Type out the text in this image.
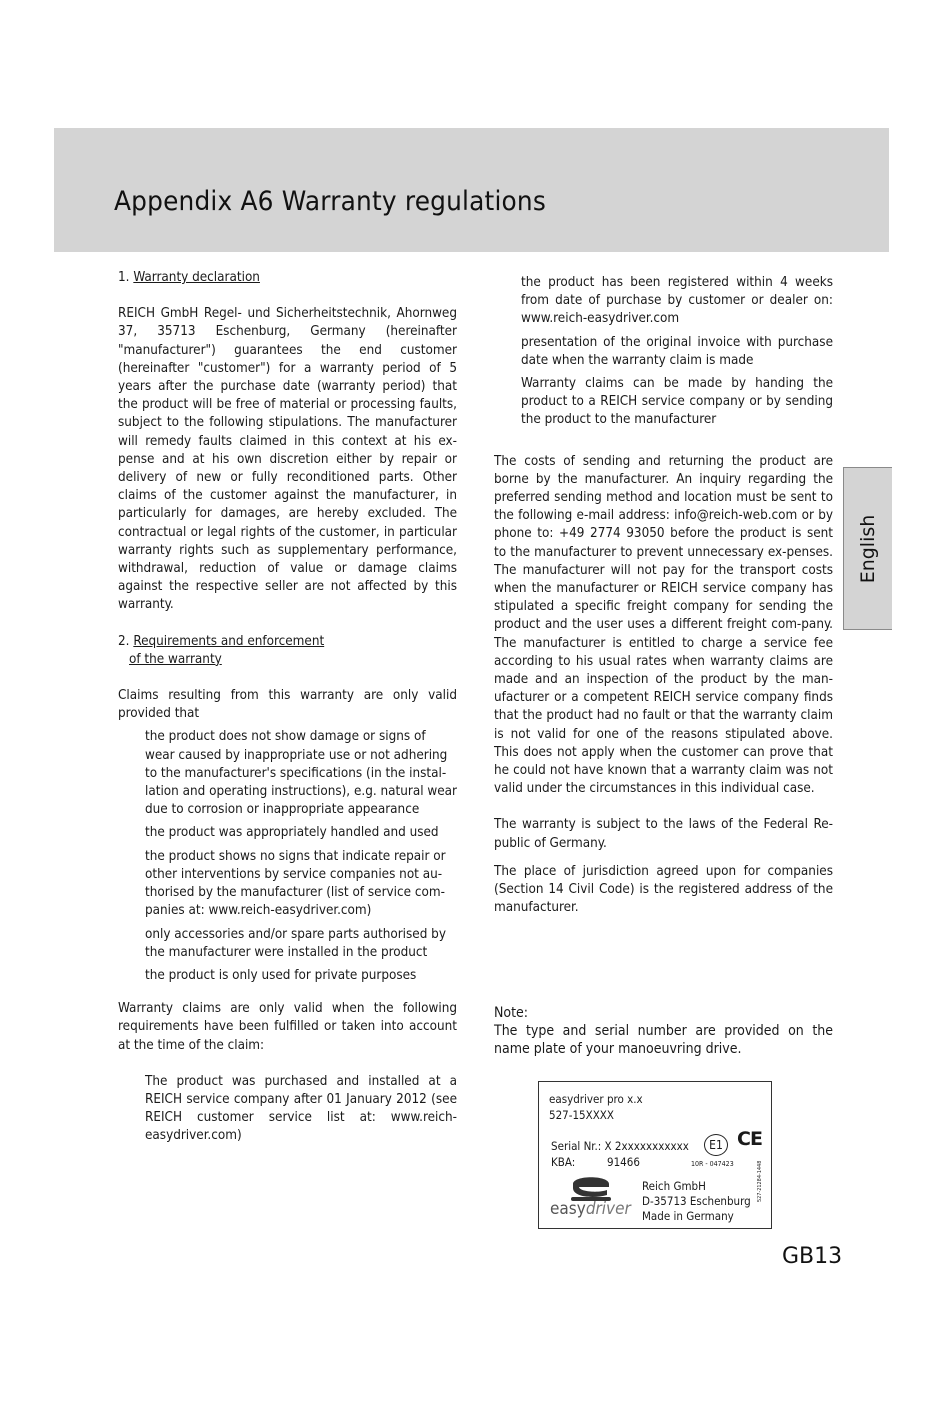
Appendix A6 Warranty regulations
English

1. Warranty declaration

REICH GmbH Regel- und Sicherheitstechnik, Ahornweg 37, 35713 Eschenburg, Germany (hereinafter "manufacturer") guarantees the end customer (hereinafter "customer") for a warranty period of 5 years after the purchase date (warranty period) that the product will be free of material or processing faults, subject to the following stipulations. The manufacturer will remedy faults claimed in this context at his ex-pense and at his own discretion either by repair or delivery of new or fully reconditioned parts. Other claims of the customer against the manufacturer, in particularly for damages, are hereby excluded. The contractual or legal rights of the customer, in particular warranty rights such as supplementary performance, withdrawal, reduction of value or damage claims against the respective seller are not affected by this warranty.

2. Requirements and enforcement
of the warranty

Claims resulting from this warranty are only valid provided that

the product does not show damage or signs of wear caused by inappropriate use or not adhering to the manufacturer's specifications (in the instal-lation and operating instructions), e.g. natural wear due to corrosion or inappropriate appearance
the product was appropriately handled and used
the product shows no signs that indicate repair or other interventions by service companies not au-thorised by the manufacturer (list of service com-panies at: www.reich-easydriver.com)
only accessories and/or spare parts authorised by the manufacturer were installed in the product
the product is only used for private purposes

Warranty claims are only valid when the following requirements have been fulfilled or taken into account at the time of the claim:

The product was purchased and installed at a REICH service company after 01 January 2012 (see REICH customer service list at: www.reich-easydriver.com)
the product has been registered within 4 weeks from date of purchase by customer or dealer on: www.reich-easydriver.com
presentation of the original invoice with purchase date when the warranty claim is made
Warranty claims can be made by handing the product to a REICH service company or by sending the product to the manufacturer

The costs of sending and returning the product are borne by the manufacturer. An inquiry regarding the preferred sending method and location must be sent to the following e-mail address: info@reich-web.com or by phone to: +49 2774 93050 before the product is sent to the manufacturer to prevent unnecessary ex-penses. The manufacturer will not pay for the transport costs when the manufacturer or REICH service company has stipulated a specific freight company for sending the product and the user uses a different freight com-pany. The manufacturer is entitled to charge a service fee according to his usual rates when warranty claims are made and an inspection of the product by the man-ufacturer or a competent REICH service company finds that the product had no fault or that the warranty claim is not valid for one of the reasons stipulated above. This does not apply when the customer can prove that he could not have known that a warranty claim was not valid under the circumstances in this individual case.

The warranty is subject to the laws of the Federal Re-public of Germany.

The place of jurisdiction agreed upon for companies (Section 14 Civil Code) is the registered address of the manufacturer.

Note:

The type and serial number are provided on the name plate of your manoeuvring drive.

easydriver pro x.x
527-15XXXX
Serial Nr.: X 2xxxxxxxxxxx	E1 CE
10R - 047423
KBA:	91466
easydriver
Reich GmbH
D-35713 Eschenburg
Made in Germany
527-21284-1448
GB13
